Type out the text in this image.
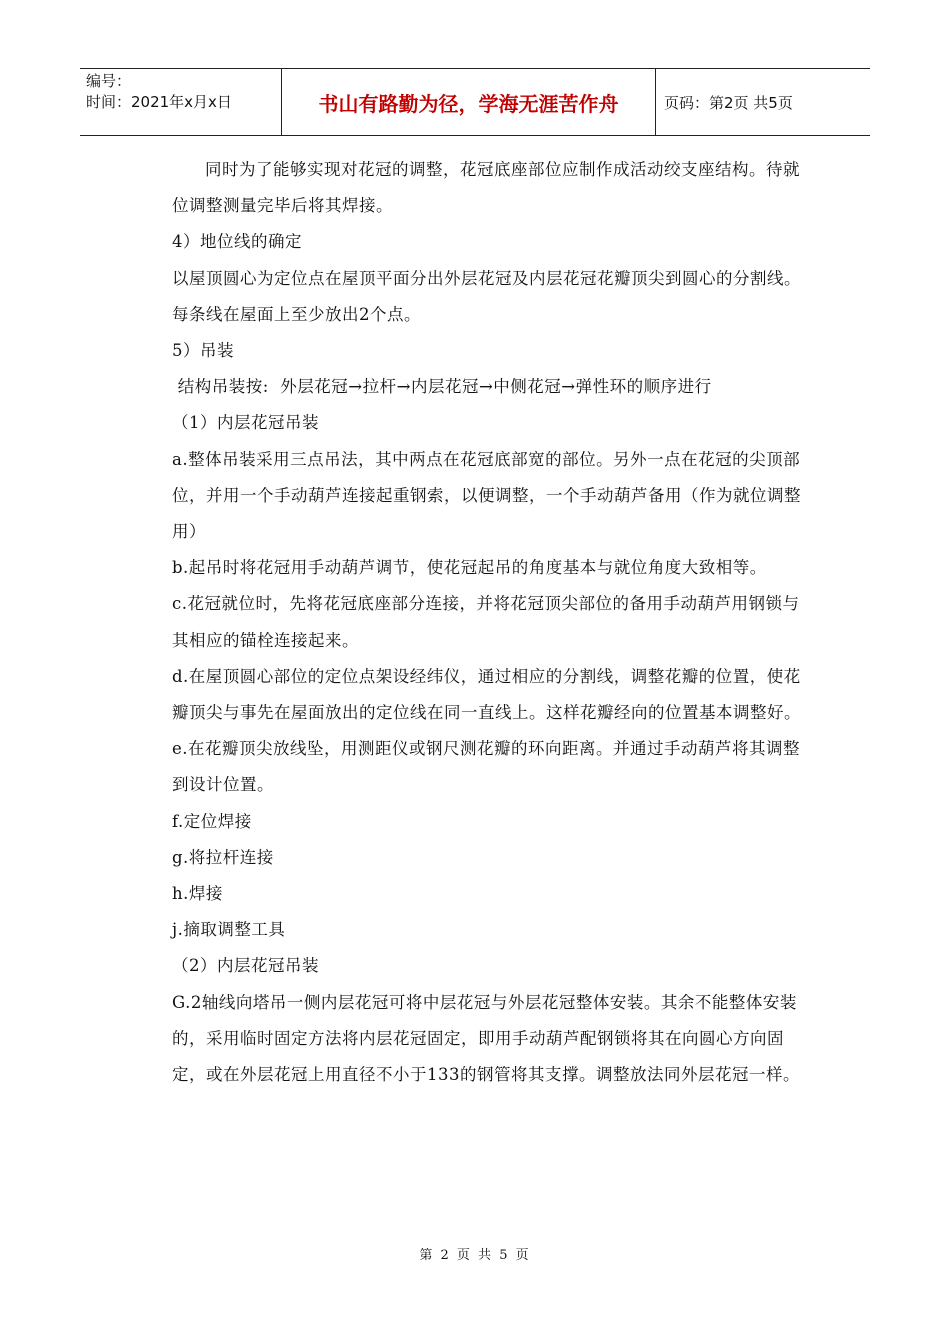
编号：
时间：2021年x月x日	书山有路勤为径，学海无涯苦作舟	页码：第2页 共5页

同时为了能够实现对花冠的调整，花冠底座部位应制作成活动绞支座结构。待就位调整测量完毕后将其焊接。

4）地位线的确定

以屋顶圆心为定位点在屋顶平面分出外层花冠及内层花冠花瓣顶尖到圆心的分割线。每条线在屋面上至少放出2个点。

5）吊装

结构吊装按:  外层花冠→拉杆→内层花冠→中侧花冠→弹性环的顺序进行

（1）内层花冠吊装

a.整体吊装采用三点吊法，其中两点在花冠底部宽的部位。另外一点在花冠的尖顶部位，并用一个手动葫芦连接起重钢索，以便调整，一个手动葫芦备用（作为就位调整用）

b.起吊时将花冠用手动葫芦调节，使花冠起吊的角度基本与就位角度大致相等。

c.花冠就位时，先将花冠底座部分连接，并将花冠顶尖部位的备用手动葫芦用钢锁与其相应的锚栓连接起来。

d.在屋顶圆心部位的定位点架设经纬仪，通过相应的分割线，调整花瓣的位置，使花瓣顶尖与事先在屋面放出的定位线在同一直线上。这样花瓣经向的位置基本调整好。

e.在花瓣顶尖放线坠，用测距仪或钢尺测花瓣的环向距离。并通过手动葫芦将其调整到设计位置。

f.定位焊接

g.将拉杆连接

h.焊接

j.摘取调整工具

（2）内层花冠吊装

G.2轴线向塔吊一侧内层花冠可将中层花冠与外层花冠整体安装。其余不能整体安装的，采用临时固定方法将内层花冠固定，即用手动葫芦配钢锁将其在向圆心方向固定，或在外层花冠上用直径不小于133的钢管将其支撑。调整放法同外层花冠一样。

第 2 页 共 5 页
